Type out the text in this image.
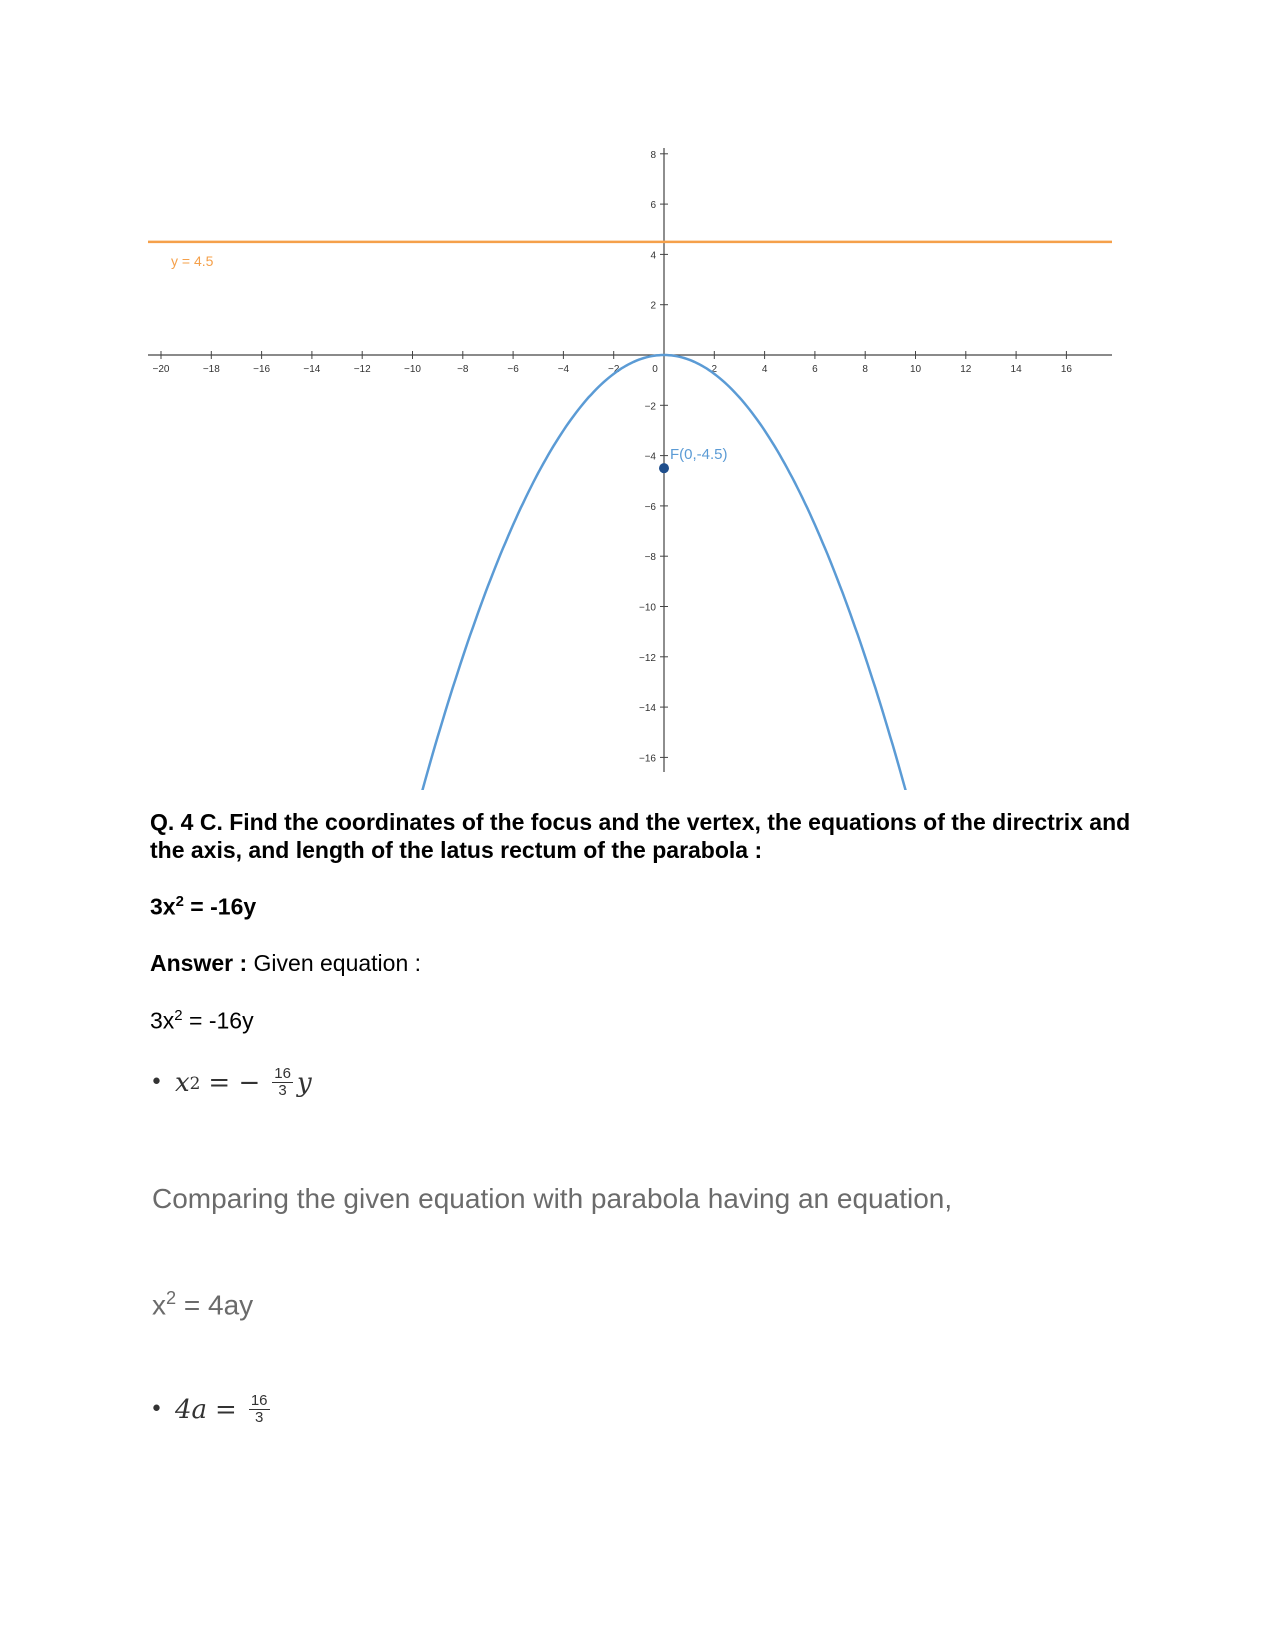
8
6
4
2
−2
−4
−6
−8
−10
−12
−14
−16
−20	−18	−16	−14	−12	−10	−8	−6	−4	−2	0	2	4	6	8	10	12	14	16
y = 4.5
F(0,-4.5)
Q. 4 C. Find the coordinates of the focus and the vertex, the equations of the directrix and the axis, and length of the latus rectum of the parabola :
$3x^2 = -16y$
Answer : Given equation :
$3x^2 = -16y$
• x 2 = − $\frac{16}{3}$ y
Comparing the given equation with parabola having an equation,
$x^2 = 4ay$
• $4a = \frac{16}{3}$
